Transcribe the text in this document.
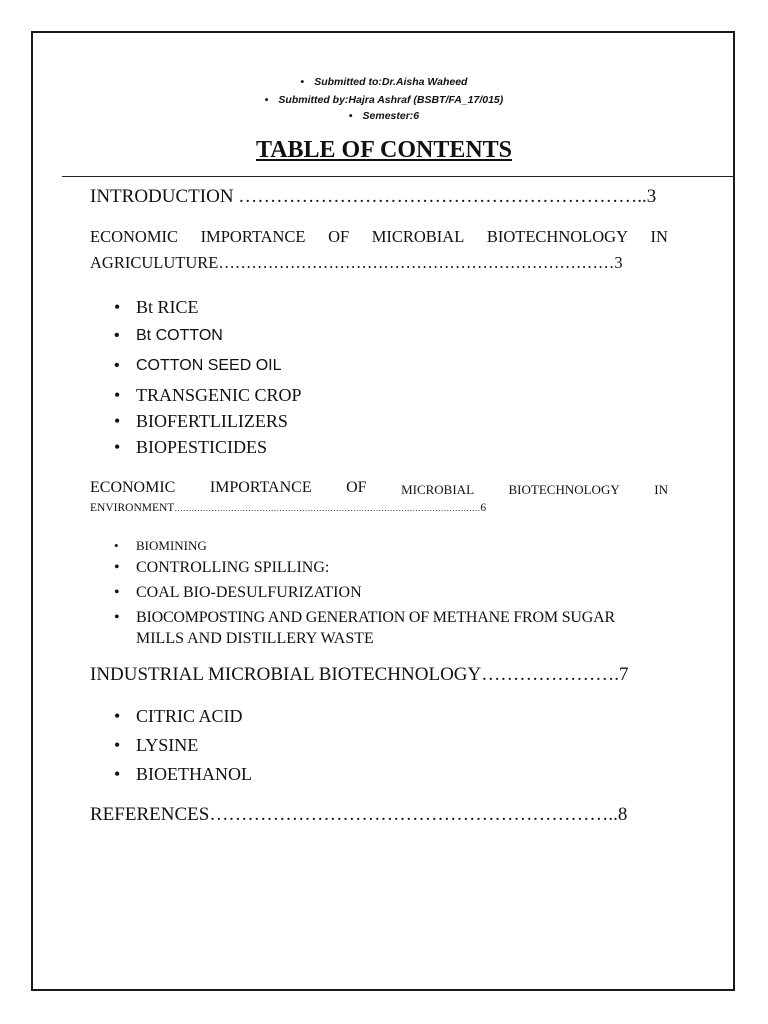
• Submitted to:Dr.Aisha Waheed
• Submitted by:Hajra Ashraf (BSBT/FA_17/015)
• Semester:6
TABLE OF CONTENTS
INTRODUCTION ………………………………………………………..3
ECONOMIC IMPORTANCE OF MICROBIAL BIOTECHNOLOGY IN
AGRICULUTURE………………………………………………………………3
• Bt RICE
• Bt COTTON
• COTTON SEED OIL
• TRANSGENIC CROP
• BIOFERTLILIZERS
• BIOPESTICIDES
ECONOMIC IMPORTANCE OF	MICROBIAL	BIOTECHNOLOGY	IN
ENVIRONMENT………………………………………………………………………………………………6
• BIOMINING
• CONTROLLING SPILLING:
• COAL BIO-DESULFURIZATION
• BIOCOMPOSTING AND GENERATION OF METHANE FROM SUGAR
MILLS AND DISTILLERY WASTE
INDUSTRIAL MICROBIAL BIOTECHNOLOGY………………….7
• CITRIC ACID
• LYSINE
• BIOETHANOL
REFERENCES………………………………………………………..8
